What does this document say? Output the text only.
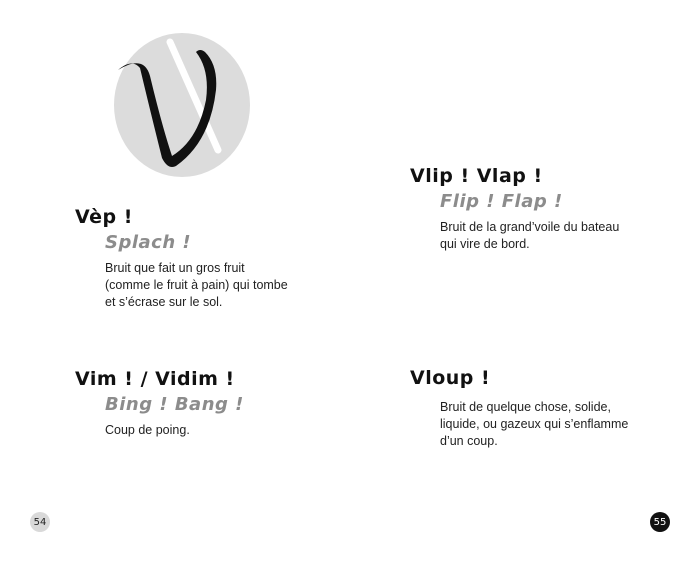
Vèp !
Splach !
Bruit que fait un gros fruit
(comme le fruit à pain) qui tombe
et s’écrase sur le sol.
Vim ! / Vidim !
Bing ! Bang !
Coup de poing.
Vlip ! Vlap !
Flip ! Flap !
Bruit de la grand’voile du bateau
qui vire de bord.
Vloup !
Bruit de quelque chose, solide,
liquide, ou gazeux qui s’enflamme
d’un coup.
54	55
